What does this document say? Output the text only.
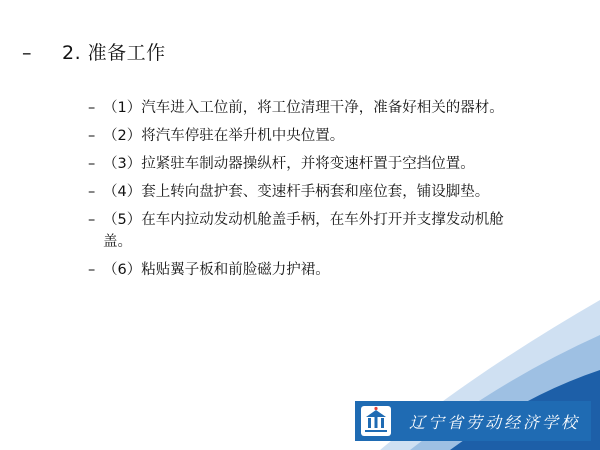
– 2. 准备工作
– （1）汽车进入工位前，将工位清理干净，准备好相关的器材。
– （2）将汽车停驻在举升机中央位置。
– （3）拉紧驻车制动器操纵杆，并将变速杆置于空挡位置。
– （4）套上转向盘护套、变速杆手柄套和座位套，铺设脚垫。
– （5）在车内拉动发动机舱盖手柄，在车外打开并支撑发动机舱盖。
– （6）粘贴翼子板和前脸磁力护裙。
辽宁省劳动经济学校
